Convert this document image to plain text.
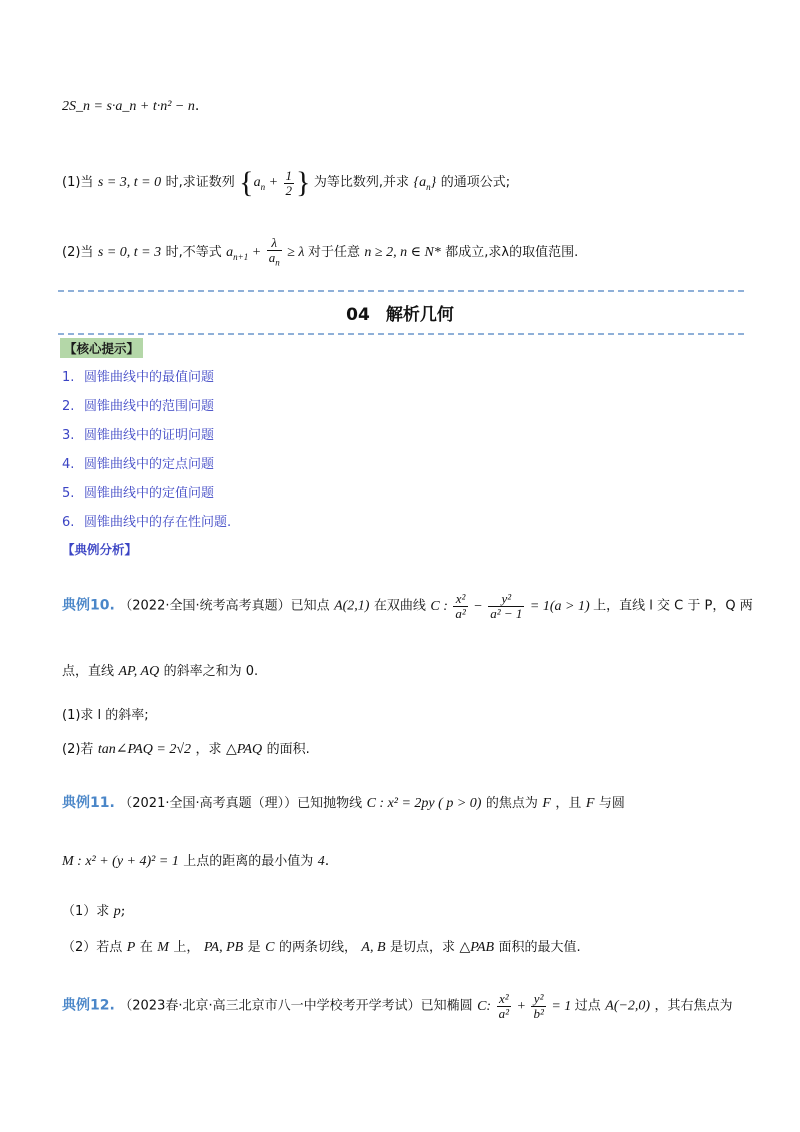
2S_n = s·a_n + t·n² − n.
(1)当 s = 3, t = 0 时,求证数列 {$a_n + \frac{1}{2}$ } 为等比数列,并求 $\{a_n\}$ 的通项公式;
(2)当 s = 0, t = 3 时,不等式 $a_{n+1} + \frac{\lambda}{a_n} \ge \lambda$ 对于任意 n ≥ 2, n ∈ N* 都成立,求λ的取值范围.
04 解析几何
【核心提示】
1. 圆锥曲线中的最值问题
2. 圆锥曲线中的范围问题
3. 圆锥曲线中的证明问题
4. 圆锥曲线中的定点问题
5. 圆锥曲线中的定值问题
6. 圆锥曲线中的存在性问题.
【典例分析】
典例10. （2022·全国·统考高考真题）已知点 A(2,1) 在双曲线 C : $\frac{\text{x²}}{\text{a²}} - \frac{\text{y²}}{\text{a² − 1}} = 1(a > 1)$ 上，直线 l 交 C 于 P，Q 两
点，直线 AP, AQ 的斜率之和为 0.
(1)求 l 的斜率;
(2)若 tan∠PAQ = 2√2 ，求 △PAQ 的面积.
典例11. （2021·全国·高考真题（理））已知抛物线 C : x² = 2py ( p > 0) 的焦点为 F ，且 F 与圆
M : x² + (y + 4)² = 1 上点的距离的最小值为 4.
（1）求 p;
（2）若点 P 在 M 上， PA, PB 是 C 的两条切线， A, B 是切点，求 △PAB 面积的最大值.
典例12. （2023春·北京·高三北京市八一中学校考开学考试）已知椭圆 C: $\frac{\text{x²}}{\text{a²}} + \frac{\text{y²}}{\text{b²}} = 1$ 过点 A(−2,0) ，其右焦点为
